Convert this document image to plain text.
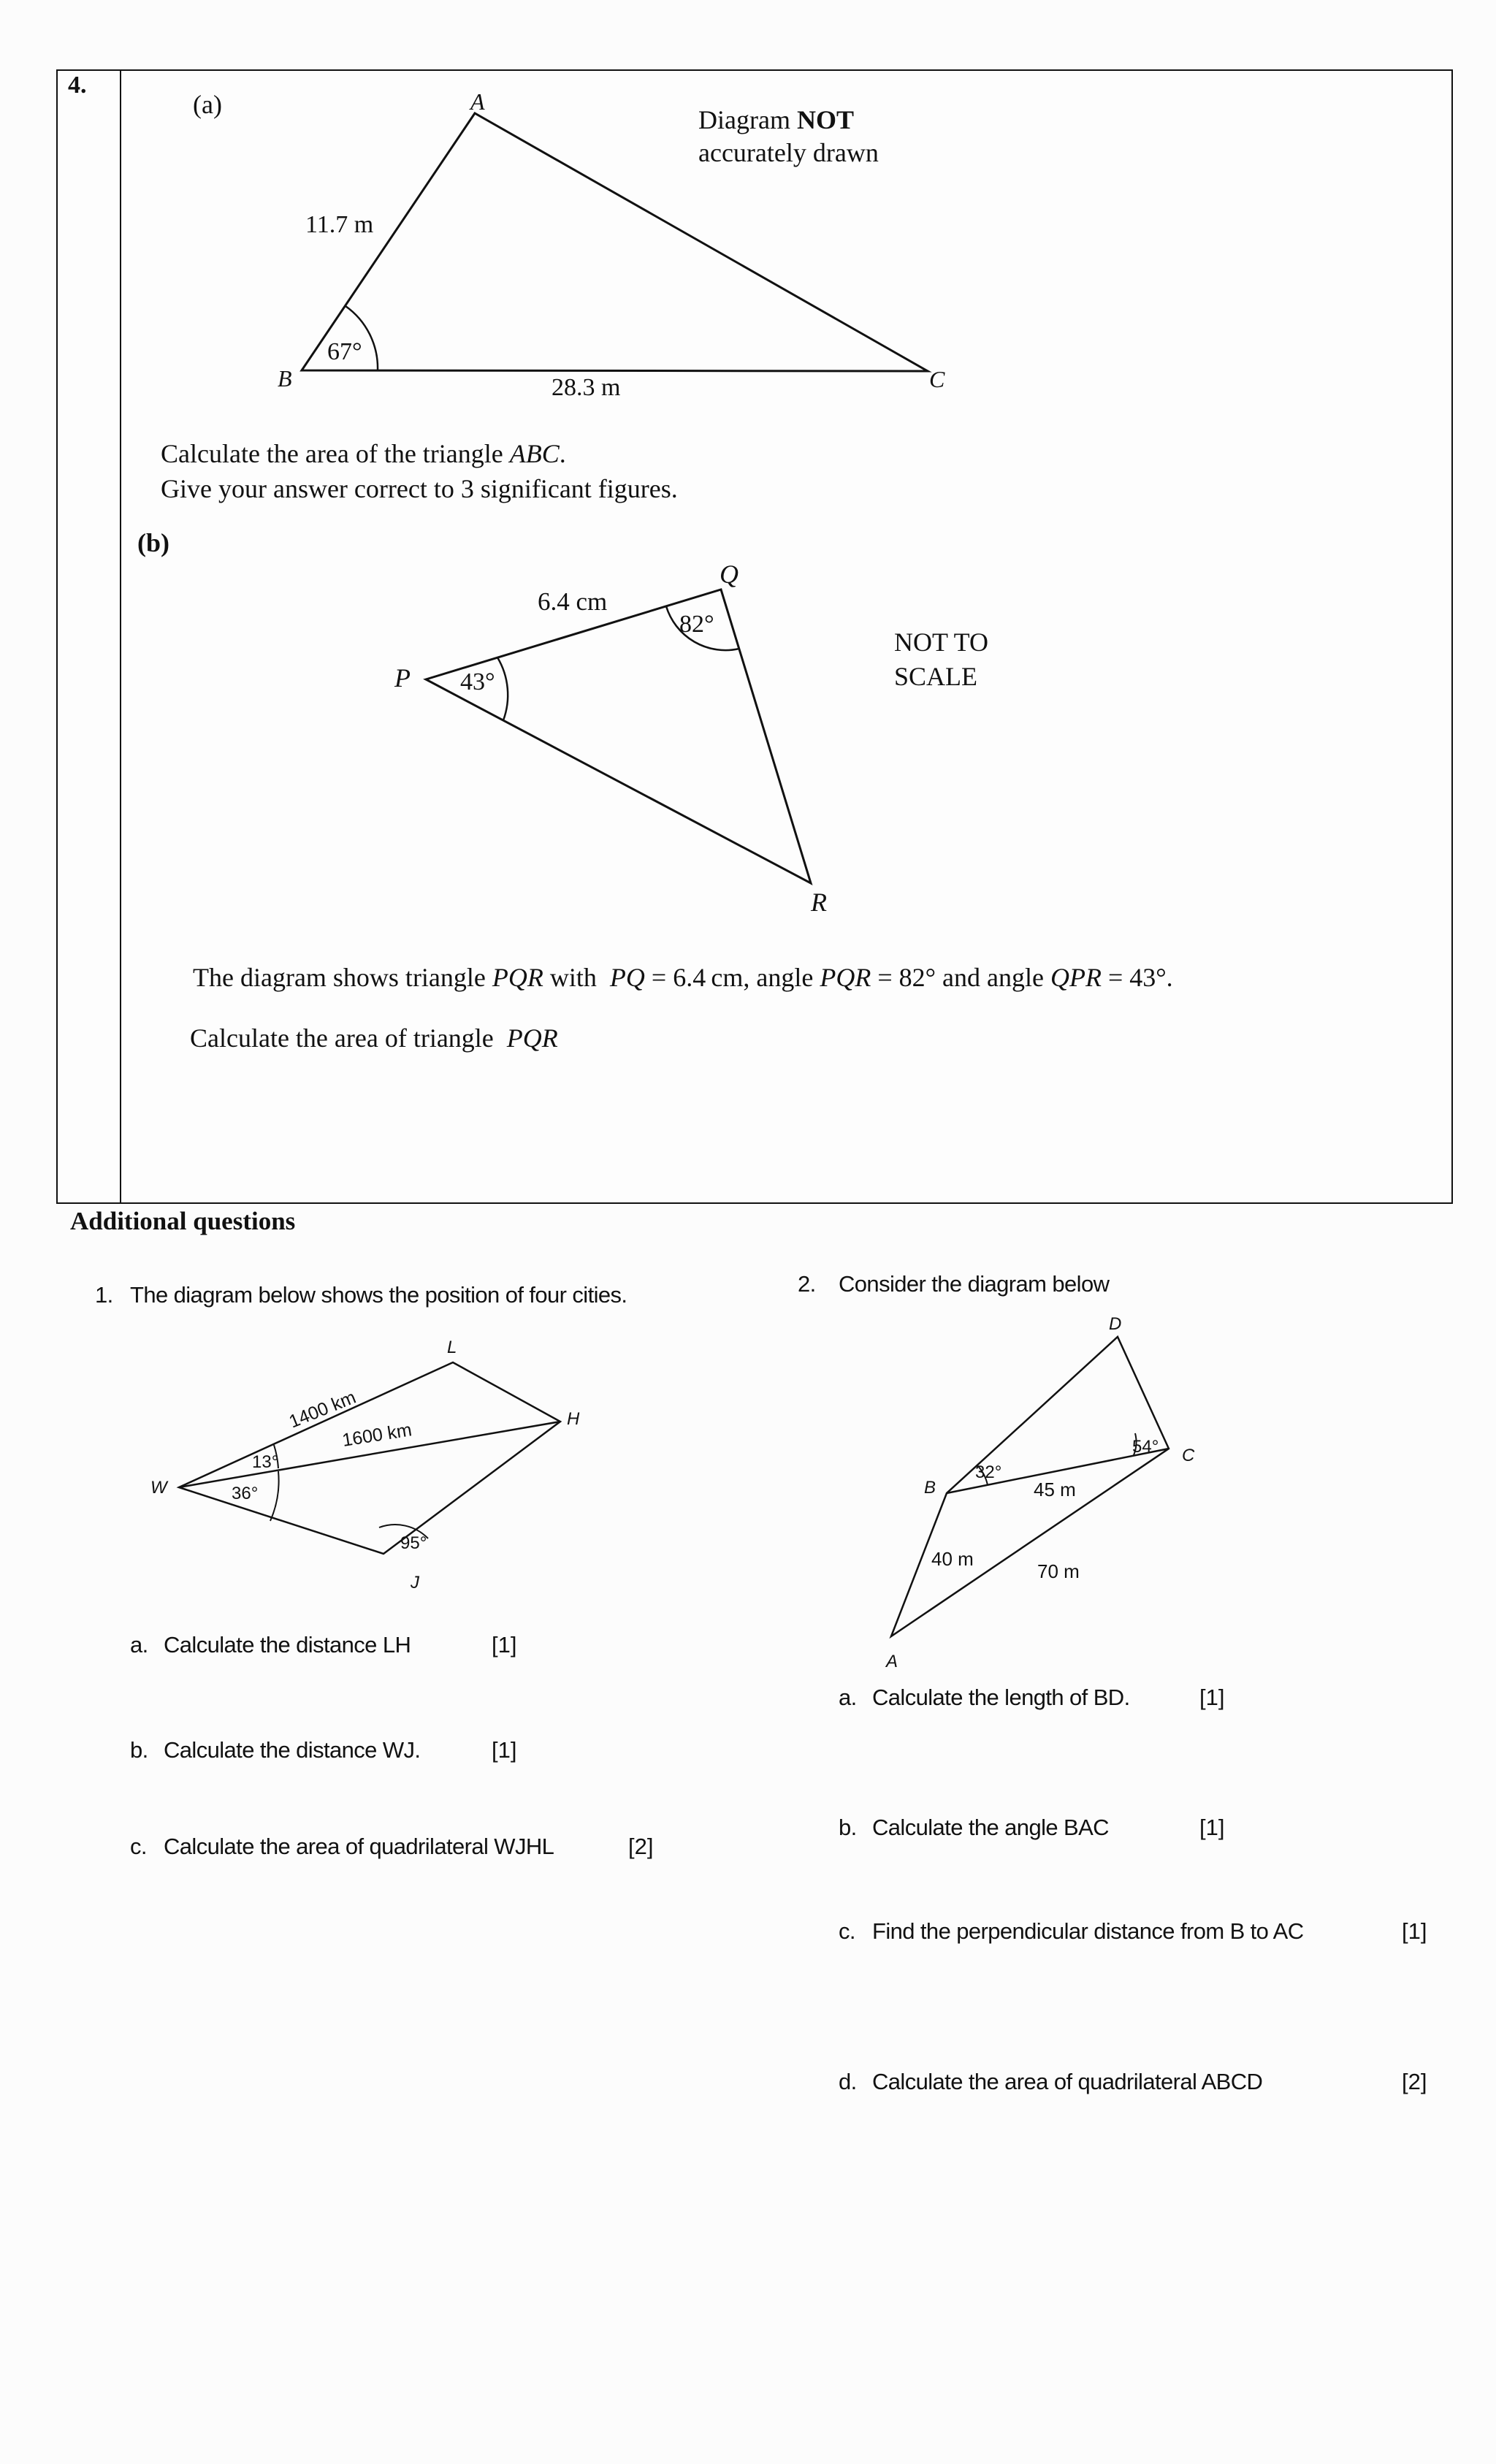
4.
(a)	A
B	C
11.7 m
28.3 m
67°
Diagram NOT
accurately drawn
Calculate the area of the triangle ABC.
Give your answer correct to 3 significant figures.
(b)
P
Q
R
6.4 cm
82°
43°
NOT TO
SCALE
The diagram shows triangle PQR with  PQ = 6.4 cm, angle PQR = 82° and angle QPR = 43°.
Calculate the area of triangle  PQR
Additional questions
1. The diagram below shows the position of four cities.
L
H
W
J
1400 km
1600 km
13°
36°
95°
a. Calculate the distance LH	[1]
b. Calculate the distance WJ.	[1]
c. Calculate the area of quadrilateral WJHL	[2]
2. Consider the diagram below
D
C
B
A
32°
54°
45 m
40 m
70 m
a. Calculate the length of BD.	[1]
b. Calculate the angle BAC	[1]
c. Find the perpendicular distance from B to AC	[1]
d. Calculate the area of quadrilateral ABCD	[2]
